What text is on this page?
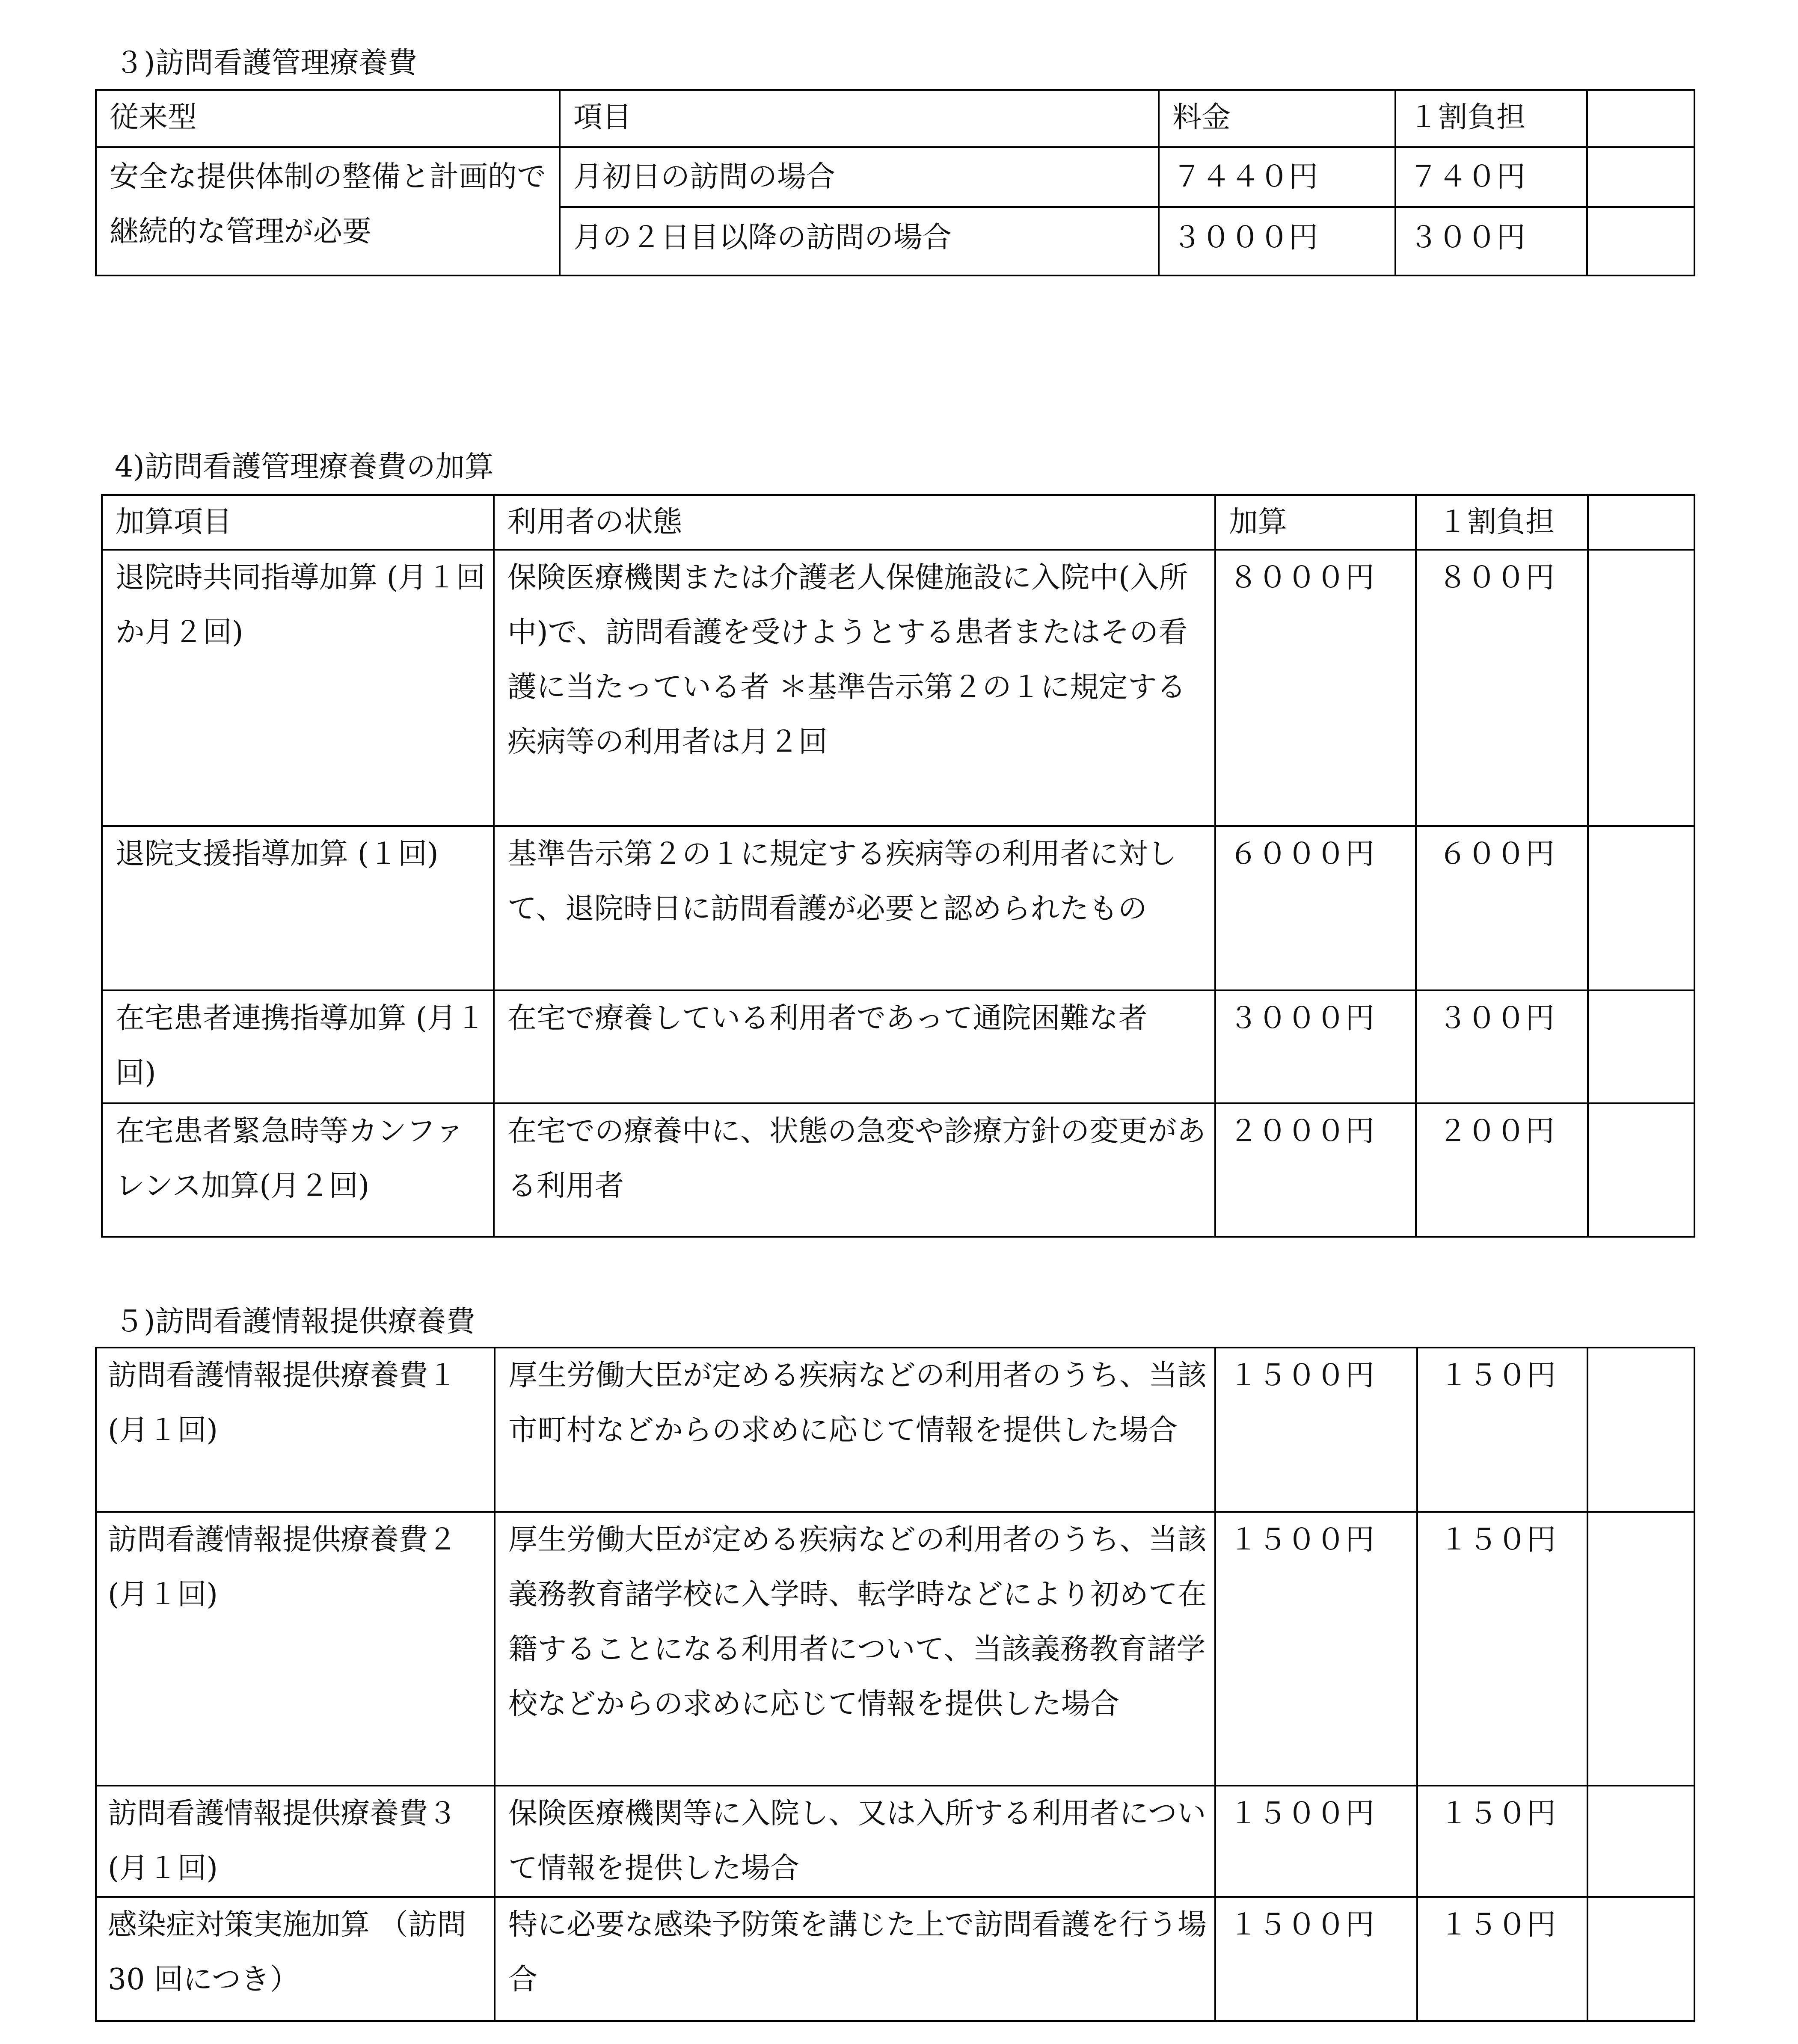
３)訪問看護管理療養費
従来型	項目	料金	１割負担	
安全な提供体制の整備と計画的で継続的な管理が必要	月初日の訪問の場合	７４４０円	７４０円	
	月の２日目以降の訪問の場合	３０００円	３００円	
4)訪問看護管理療養費の加算
加算項目	利用者の状態	加算	１割負担	
退院時共同指導加算 (月１回か月２回)	保険医療機関または介護老人保健施設に入院中(入所中)で、訪問看護を受けようとする患者またはその看護に当たっている者 ＊基準告示第２の１に規定する疾病等の利用者は月２回	８０００円	８００円	
退院支援指導加算 (１回)	基準告示第２の１に規定する疾病等の利用者に対して、退院時日に訪問看護が必要と認められたもの	６０００円	６００円	
在宅患者連携指導加算 (月１回)	在宅で療養している利用者であって通院困難な者	３０００円	３００円	
在宅患者緊急時等カンファレンス加算(月２回)	在宅での療養中に、状態の急変や診療方針の変更がある利用者	２０００円	２００円	
５)訪問看護情報提供療養費
訪問看護情報提供療養費１ (月１回)	厚生労働大臣が定める疾病などの利用者のうち、当該市町村などからの求めに応じて情報を提供した場合	１５００円	１５０円	
訪問看護情報提供療養費２ (月１回)	厚生労働大臣が定める疾病などの利用者のうち、当該義務教育諸学校に入学時、転学時などにより初めて在籍することになる利用者について、当該義務教育諸学校などからの求めに応じて情報を提供した場合	１５００円	１５０円	
訪問看護情報提供療養費３ (月１回)	保険医療機関等に入院し、又は入所する利用者について情報を提供した場合	１５００円	１５０円	
感染症対策実施加算 （訪問 30 回につき）	特に必要な感染予防策を講じた上で訪問看護を行う場合	１５００円	１５０円	
